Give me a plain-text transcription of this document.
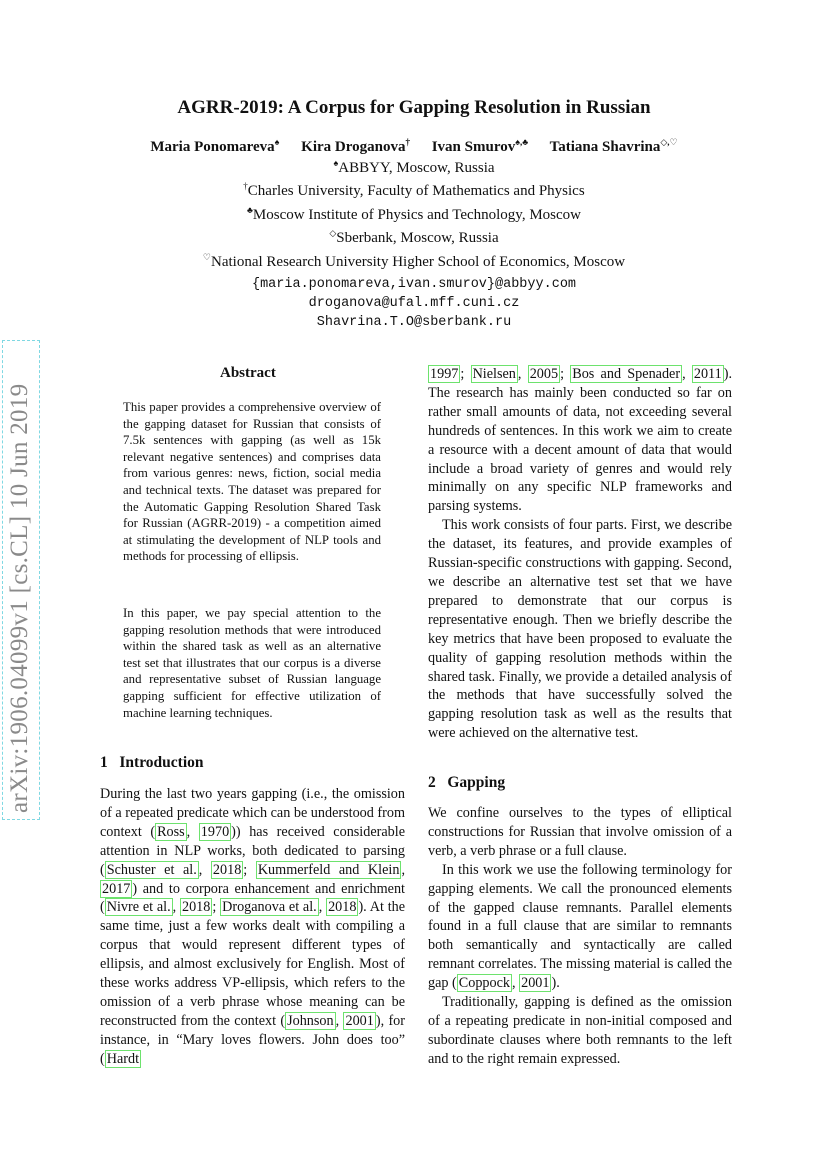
arXiv:1906.04099v1 [cs.CL] 10 Jun 2019
AGRR-2019: A Corpus for Gapping Resolution in Russian
Maria Ponomareva♠ Kira Droganova† Ivan Smurov♠,♣ Tatiana Shavrina◇,♡
♠ABBYY, Moscow, Russia
†Charles University, Faculty of Mathematics and Physics
♣Moscow Institute of Physics and Technology, Moscow
◇Sberbank, Moscow, Russia
♡National Research University Higher School of Economics, Moscow
{maria.ponomareva,ivan.smurov}@abbyy.com
droganova@ufal.mff.cuni.cz
Shavrina.T.O@sberbank.ru
Abstract
This paper provides a comprehensive overview of the gapping dataset for Russian that consists of 7.5k sentences with gapping (as well as 15k relevant negative sentences) and comprises data from various genres: news, fiction, social media and technical texts. The dataset was prepared for the Automatic Gapping Resolution Shared Task for Russian (AGRR-2019) - a competition aimed at stimulating the development of NLP tools and methods for processing of ellipsis.
In this paper, we pay special attention to the gapping resolution methods that were introduced within the shared task as well as an alternative test set that illustrates that our corpus is a diverse and representative subset of Russian language gapping sufficient for effective utilization of machine learning techniques.
1 Introduction

During the last two years gapping (i.e., the omission of a repeated predicate which can be understood from context ( Ross , 1970 )) has received considerable attention in NLP works, both dedicated to parsing ( Schuster et al. , 2018 ; Kummerfeld and Klein , 2017 ) and to corpora enhancement and enrichment ( Nivre et al. , 2018 ; Droganova et al. , 2018 ). At the same time, just a few works dealt with compiling a corpus that would represent different types of ellipsis, and almost exclusively for English. Most of these works address VP-ellipsis, which refers to the omission of a verb phrase whose meaning can be reconstructed from the context ( Johnson , 2001 ), for instance, in “Mary loves flowers. John does too” ( Hardt

1997 ; Nielsen , 2005 ; Bos and Spenader , 2011 ). The research has mainly been conducted so far on rather small amounts of data, not exceeding several hundreds of sentences. In this work we aim to create a resource with a decent amount of data that would include a broad variety of genres and would rely minimally on any specific NLP frameworks and parsing systems.

This work consists of four parts. First, we describe the dataset, its features, and provide examples of Russian-specific constructions with gapping. Second, we describe an alternative test set that we have prepared to demonstrate that our corpus is representative enough. Then we briefly describe the key metrics that have been proposed to evaluate the quality of gapping resolution methods within the shared task. Finally, we provide a detailed analysis of the methods that have successfully solved the gapping resolution task as well as the results that were achieved on the alternative test.

2 Gapping

We confine ourselves to the types of elliptical constructions for Russian that involve omission of a verb, a verb phrase or a full clause.

In this work we use the following terminology for gapping elements. We call the pronounced elements of the gapped clause remnants. Parallel elements found in a full clause that are similar to remnants both semantically and syntactically are called remnant correlates. The missing material is called the gap ( Coppock , 2001 ).

Traditionally, gapping is defined as the omission of a repeating predicate in non-initial composed and subordinate clauses where both remnants to the left and to the right remain expressed.
